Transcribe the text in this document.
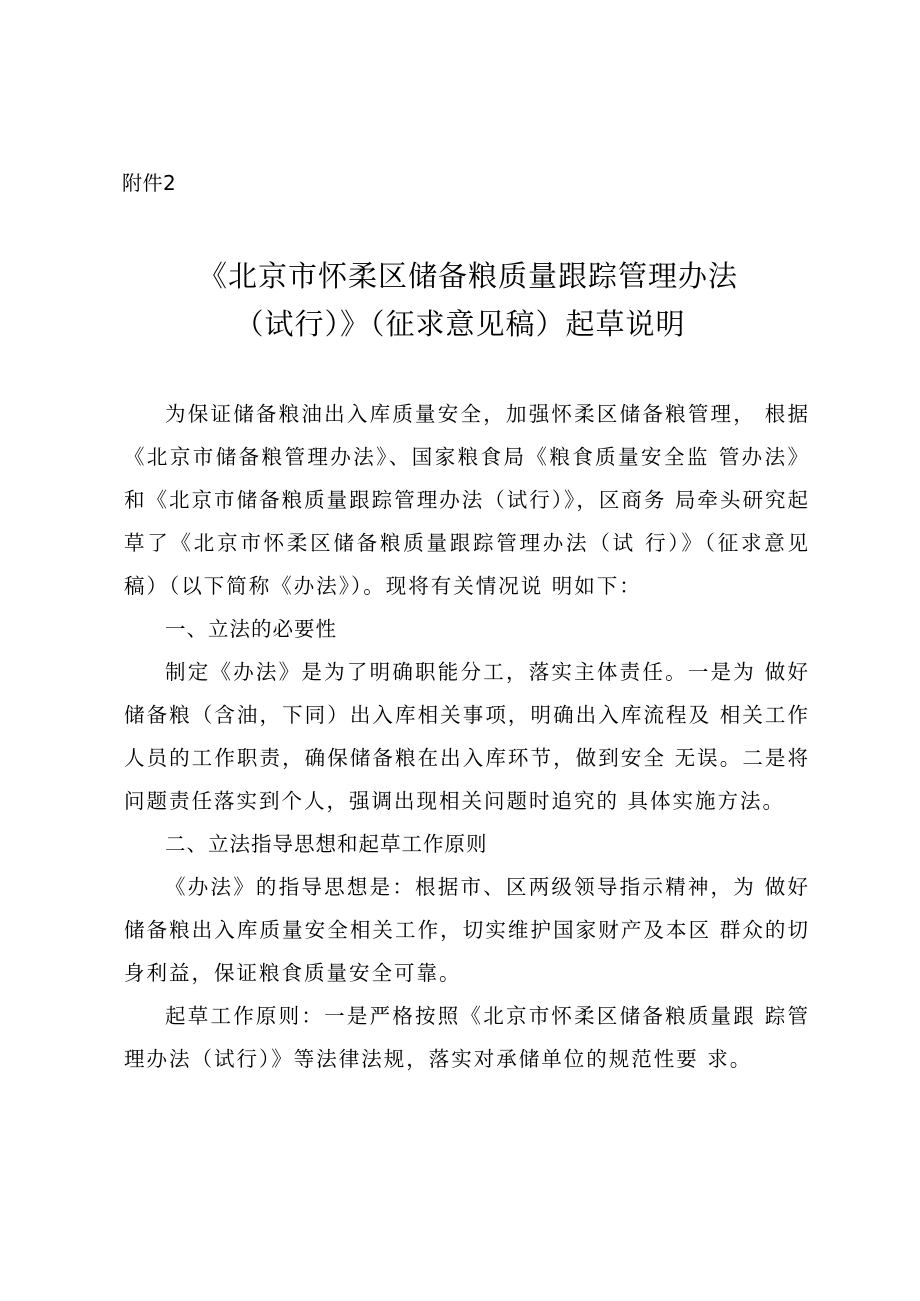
附件2
《北京市怀柔区储备粮质量跟踪管理办法
（试行）》（征求意见稿）起草说明

为保证储备粮油出入库质量安全，加强怀柔区储备粮管理， 根据《北京市储备粮管理办法》、国家粮食局《粮食质量安全监 管办法》和《北京市储备粮质量跟踪管理办法（试行）》，区商务 局牵头研究起草了《北京市怀柔区储备粮质量跟踪管理办法（试 行）》（征求意见稿）（以下简称《办法》）。现将有关情况说 明如下：

一、立法的必要性

制定《办法》是为了明确职能分工，落实主体责任。一是为 做好储备粮（含油，下同）出入库相关事项，明确出入库流程及 相关工作人员的工作职责，确保储备粮在出入库环节，做到安全 无误。二是将问题责任落实到个人，强调出现相关问题时追究的 具体实施方法。

二、立法指导思想和起草工作原则

《办法》的指导思想是：根据市、区两级领导指示精神，为 做好储备粮出入库质量安全相关工作，切实维护国家财产及本区 群众的切身利益，保证粮食质量安全可靠。

起草工作原则：一是严格按照《北京市怀柔区储备粮质量跟 踪管理办法（试行）》等法律法规，落实对承储单位的规范性要 求。
